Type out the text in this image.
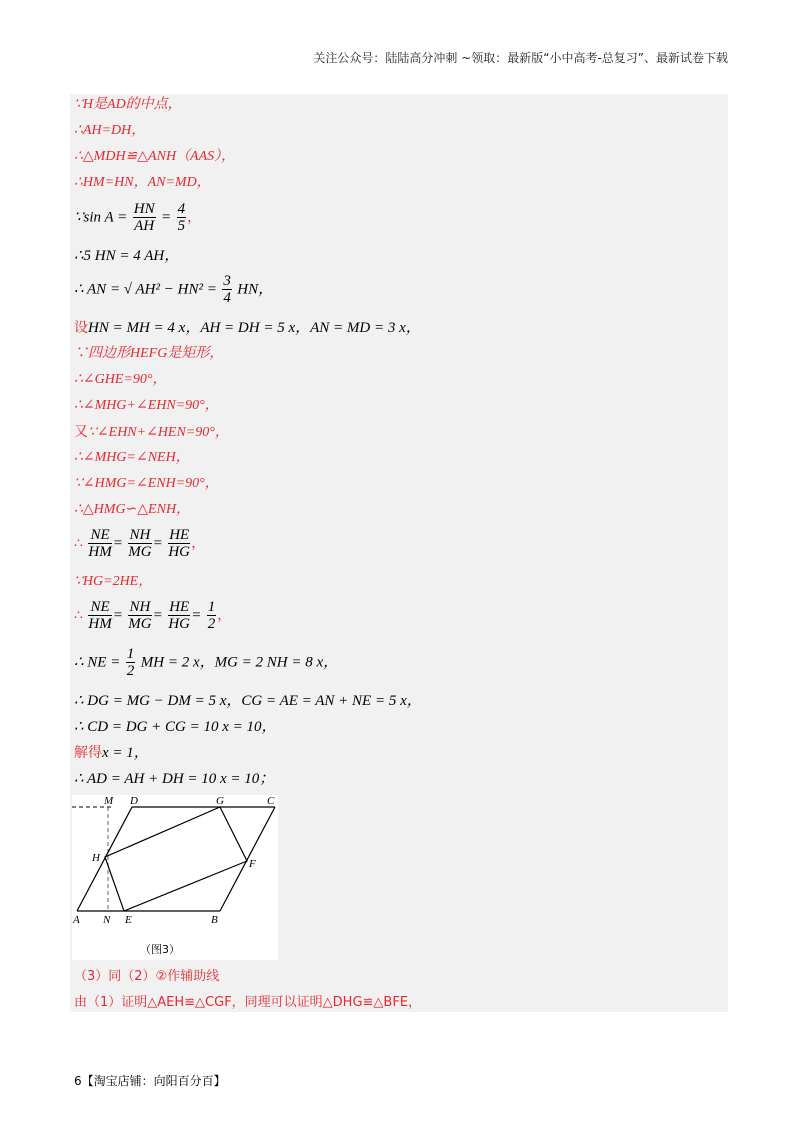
关注公众号：陆陆高分冲刺 ~领取：最新版“小中高考-总复习”、最新试卷下载
∵H是AD的中点，
∴AH=DH，
∴△MDH≌△ANH（AAS），
∴HM=HN，AN=MD，
∵sin $A = \frac{HN}{AH} = \frac{4}{5}$ ，
∴5 HN = 4 AH，
∴ AN = √ $AH^2 - HN^2 = \frac{3}{4}$ HN，
设HN = MH = 4 x，AH = DH = 5 x，AN = MD = 3 x，
∵四边形HEFG是矩形，
∴∠GHE=90°，
∴∠MHG+∠EHN=90°，
又∵∠EHN+∠HEN=90°，
∴∠MHG=∠NEH，
∵∠HMG=∠ENH=90°，
∴△HMG∽△ENH，
∴ $\frac{NE}{HM} = \frac{NH}{MG} = \frac{HE}{HG}$ ，
∵HG=2HE，
∴ $\frac{NE}{HM} = \frac{NH}{MG} = \frac{HE}{HG} = \frac{1}{2}$ ，
∴ NE = $\frac{1}{2}$ MH = 2 x，MG = 2 NH = 8 x，
∴ DG = MG − DM = 5 x，CG = AE = AN + NE = 5 x，
∴ CD = DG + CG = 10 x = 10，
解得x = 1，
∴ AD = AH + DH = 10 x = 10；
M D	G	C
H	F
A N E	B
（图3）
（3）同（2）②作辅助线
由（1）证明△AEH≌△CGF，同理可以证明△DHG≌△BFE，
6【淘宝店铺：向阳百分百】
